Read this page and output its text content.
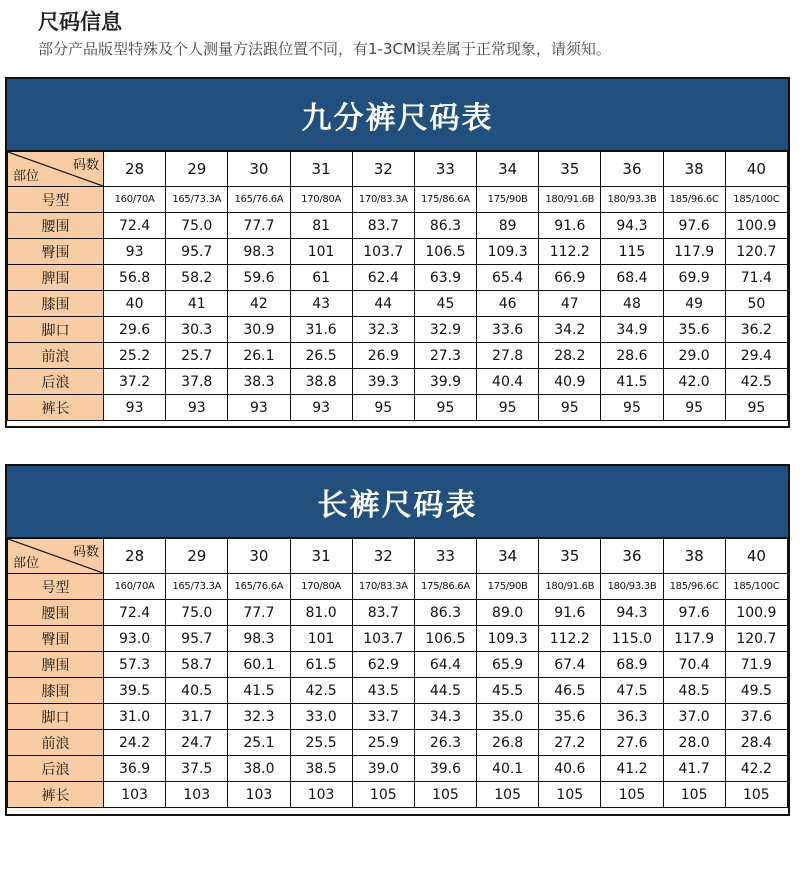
尺码信息
部分产品版型特殊及个人测量方法跟位置不同，有1-3CM误差属于正常现象，请须知。
九分裤尺码表
码数
部位	28	29	30	31	32	33	34	35	36	38	40
号型	160/70A	165/73.3A	165/76.6A	170/80A	170/83.3A	175/86.6A	175/90B	180/91.6B	180/93.3B	185/96.6C	185/100C
腰围	72.4	75.0	77.7	81	83.7	86.3	89	91.6	94.3	97.6	100.9
臀围	93	95.7	98.3	101	103.7	106.5	109.3	112.2	115	117.9	120.7
脾围	56.8	58.2	59.6	61	62.4	63.9	65.4	66.9	68.4	69.9	71.4
膝围	40	41	42	43	44	45	46	47	48	49	50
脚口	29.6	30.3	30.9	31.6	32.3	32.9	33.6	34.2	34.9	35.6	36.2
前浪	25.2	25.7	26.1	26.5	26.9	27.3	27.8	28.2	28.6	29.0	29.4
后浪	37.2	37.8	38.3	38.8	39.3	39.9	40.4	40.9	41.5	42.0	42.5
裤长	93	93	93	93	95	95	95	95	95	95	95
长裤尺码表
码数
部位	28	29	30	31	32	33	34	35	36	38	40
号型	160/70A	165/73.3A	165/76.6A	170/80A	170/83.3A	175/86.6A	175/90B	180/91.6B	180/93.3B	185/96.6C	185/100C
腰围	72.4	75.0	77.7	81.0	83.7	86.3	89.0	91.6	94.3	97.6	100.9
臀围	93.0	95.7	98.3	101	103.7	106.5	109.3	112.2	115.0	117.9	120.7
脾围	57.3	58.7	60.1	61.5	62.9	64.4	65.9	67.4	68.9	70.4	71.9
膝围	39.5	40.5	41.5	42.5	43.5	44.5	45.5	46.5	47.5	48.5	49.5
脚口	31.0	31.7	32.3	33.0	33.7	34.3	35.0	35.6	36.3	37.0	37.6
前浪	24.2	24.7	25.1	25.5	25.9	26.3	26.8	27.2	27.6	28.0	28.4
后浪	36.9	37.5	38.0	38.5	39.0	39.6	40.1	40.6	41.2	41.7	42.2
裤长	103	103	103	103	105	105	105	105	105	105	105
